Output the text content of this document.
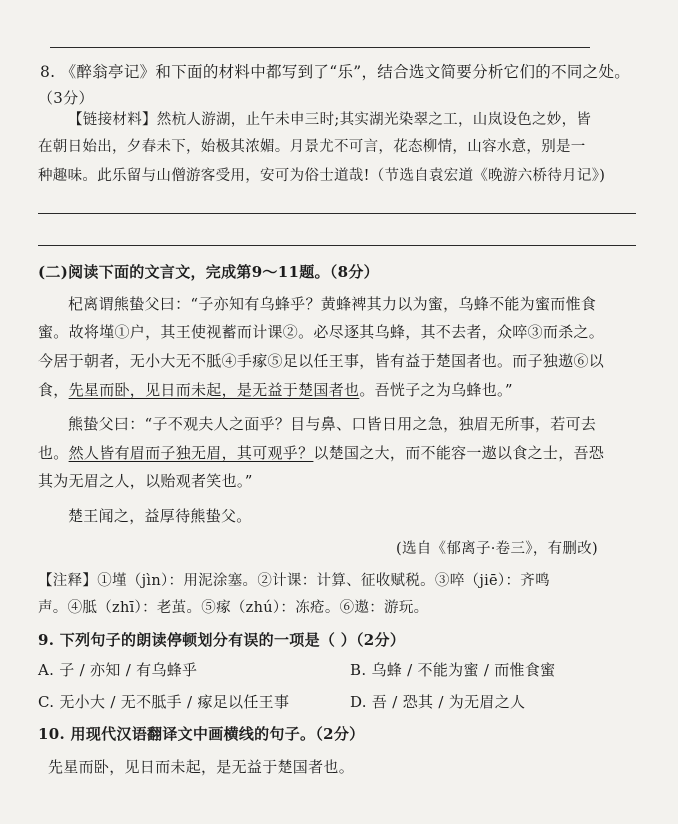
8. 《醉翁亭记》和下面的材料中都写到了“乐”，结合选文简要分析它们的不同之处。
（3分）
【链接材料】然杭人游湖，止午未申三时;其实湖光染翠之工，山岚设色之妙，皆
在朝日始出，夕春未下，始极其浓媚。月景尤不可言，花态柳情，山容水意，别是一
种趣味。此乐留与山僧游客受用，安可为俗士道哉!（节选自袁宏道《晚游六桥待月记》)
(二)阅读下面的文言文，完成第9～11题。（8分）
杞离谓熊蛰父曰：“子亦知有乌蜂乎？黄蜂裨其力以为蜜，乌蜂不能为蜜而惟食
蜜。故将墐①户，其王使视蓄而计课②。必尽逐其乌蜂，其不去者，众啐③而杀之。
今居于朝者，无小大无不胝④手瘃⑤足以任王事，皆有益于楚国者也。而子独遨⑥以
食，先星而卧，见日而未起，是无益于楚国者也。吾恍子之为乌蜂也。”
熊蛰父曰：“子不观夫人之面乎？目与鼻、口皆日用之急，独眉无所事，若可去
也。然人皆有眉而子独无眉，其可观乎？以楚国之大，而不能容一遨以食之士，吾恐
其为无眉之人，以贻观者笑也。”
楚王闻之，益厚待熊蛰父。
(选自《郁离子·卷三》，有删改)
【注释】①墐（jìn）：用泥涂塞。②计课：计算、征收赋税。③啐（jiē）：齐鸣
声。④胝（zhī）：老茧。⑤瘃（zhú）：冻疮。⑥遨：游玩。
9. 下列句子的朗读停顿划分有误的一项是（ ）（2分）
A. 子 / 亦知 / 有乌蜂乎	B. 乌蜂 / 不能为蜜 / 而惟食蜜
C. 无小大 / 无不胝手 / 瘃足以任王事	D. 吾 / 恐其 / 为无眉之人
10. 用现代汉语翻译文中画横线的句子。（2分）
先星而卧，见日而未起，是无益于楚国者也。
